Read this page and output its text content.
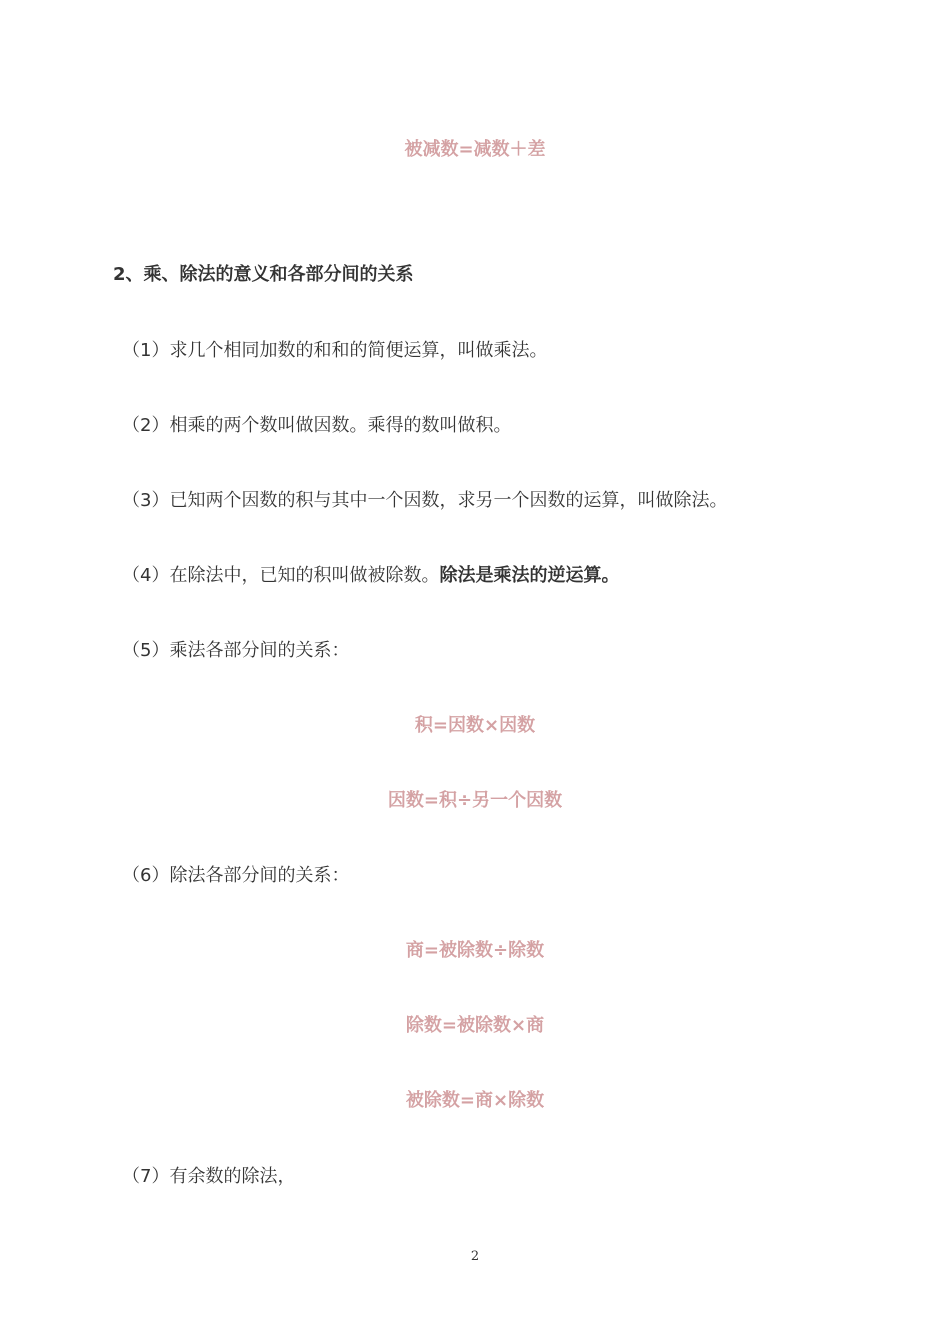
被减数=减数＋差
2、乘、除法的意义和各部分间的关系
（1）求几个相同加数的和和的简便运算，叫做乘法。
（2）相乘的两个数叫做因数。乘得的数叫做积。
（3）已知两个因数的积与其中一个因数，求另一个因数的运算，叫做除法。
（4）在除法中，已知的积叫做被除数。除法是乘法的逆运算。
（5）乘法各部分间的关系：
积=因数×因数
因数=积÷另一个因数
（6）除法各部分间的关系：
商=被除数÷除数
除数=被除数×商
被除数=商×除数
（7）有余数的除法，
2
